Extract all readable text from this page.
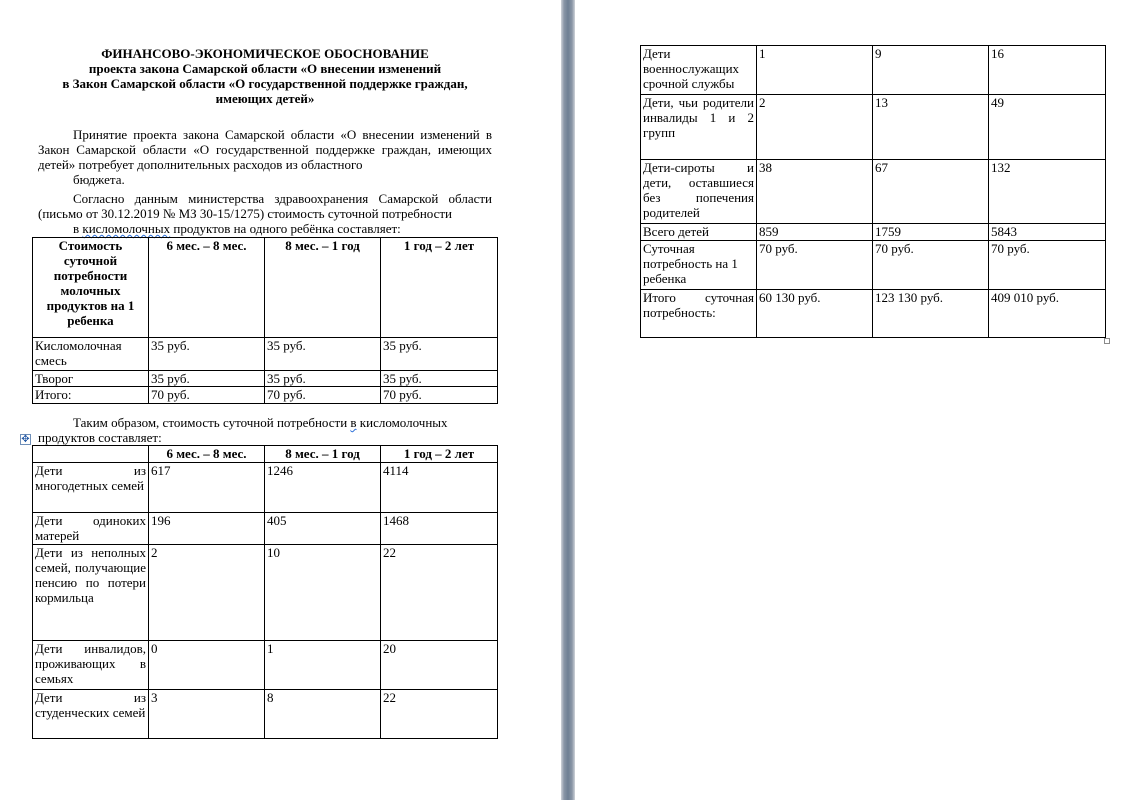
ФИНАНСОВО-ЭКОНОМИЧЕСКОЕ ОБОСНОВАНИЕ
проекта закона Самарской области «О внесении изменений
в Закон Самарской области «О государственной поддержке граждан,
имеющих детей»
Принятие проекта закона Самарской области «О внесении изменений в Закон Самарской области «О государственной поддержке граждан, имеющих детей» потребует дополнительных расходов из областного
бюджета.
Согласно данным министерства здравоохранения Самарской области (письмо от 30.12.2019 № МЗ 30-15/1275) стоимость суточной потребности
в кисломолочных продуктов на одного ребёнка составляет:
Стоимость суточной потребности молочных продуктов на 1 ребенка	6 мес. – 8 мес.	8 мес. – 1 год	1 год – 2 лет
Кисломолочная смесь	35 руб.	35 руб.	35 руб.
Творог	35 руб.	35 руб.	35 руб.
Итого:	70 руб.	70 руб.	70 руб.
Таким образом, стоимость суточной потребности в кисломолочных
продуктов составляет:
✥
	6 мес. – 8 мес.	8 мес. – 1 год	1 год – 2 лет
Дети из многодетных семей	617	1246	4114
Дети одиноких матерей	196	405	1468
Дети из неполных семей, получающие пенсию по потери кормильца	2	10	22
Дети инвалидов, проживающих в семьях	0	1	20
Дети из студенческих семей	3	8	22
Дети военнослужащих срочной службы	1	9	16
Дети, чьи родители инвалиды 1 и 2 групп	2	13	49
Дети-сироты и дети, оставшиеся без попечения родителей	38	67	132
Всего детей	859	1759	5843
Суточная потребность на 1 ребенка	70 руб.	70 руб.	70 руб.
Итого суточная потребность:	60 130 руб.	123 130 руб.	409 010 руб.
